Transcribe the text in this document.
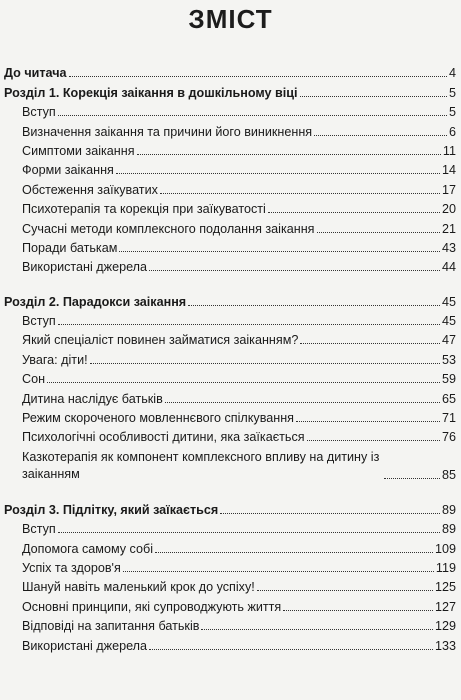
ЗМІСТ
До читача	4
Розділ 1. Корекція заікання в дошкільному віці	5
Вступ	5
Визначення заікання та причини його виникнення	6
Симптоми заікання	11
Форми заікання	14
Обстеження заїкуватих	17
Психотерапія та корекція при заїкуватості	20
Сучасні методи комплексного подолання заікання	21
Поради батькам	43
Використані джерела	44
Розділ 2. Парадокси заікання	45
Вступ	45
Який спеціаліст повинен займатися заіканням?	47
Увага: діти!	53
Сон	59
Дитина наслідує батьків	65
Режим скороченого мовленнєвого спілкування	71
Психологічні особливості дитини, яка заїкається	76
Казкотерапія як компонент комплексного впливу на дитину із заіканням	85
Розділ 3. Підлітку, який заїкається	89
Вступ	89
Допомога самому собі	109
Успіх та здоров'я	119
Шануй навіть маленький крок до успіху!	125
Основні принципи, які супроводжують життя	127
Відповіді на запитання батьків	129
Використані джерела	133
